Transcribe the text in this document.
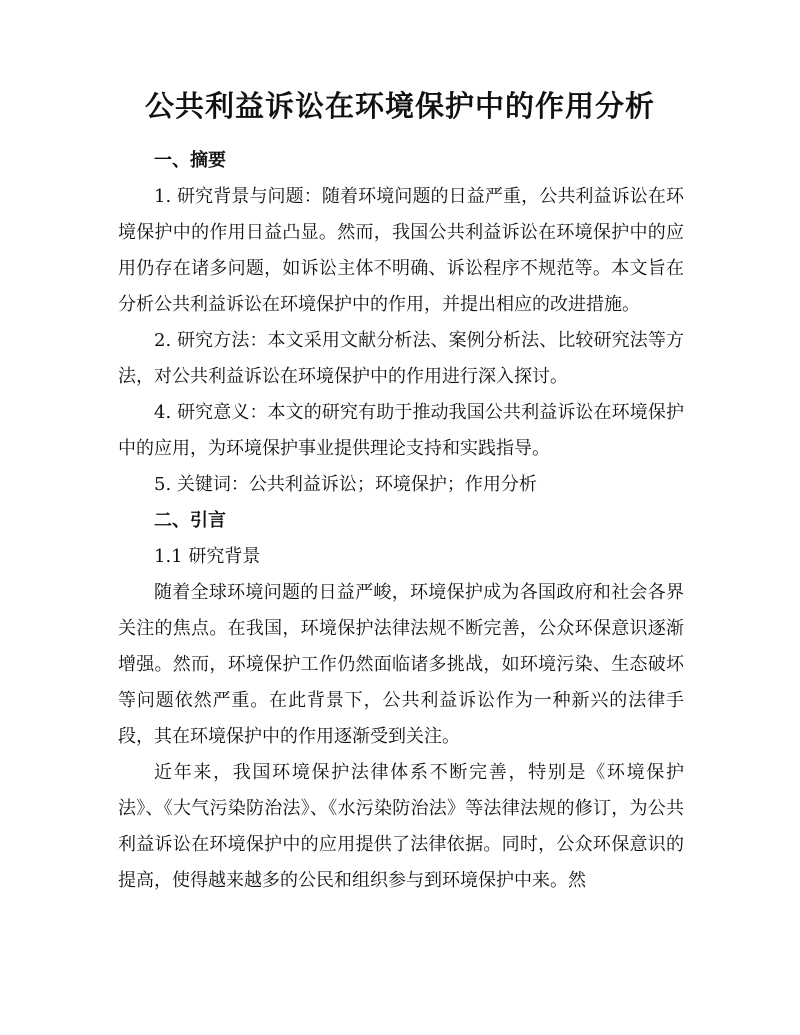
公共利益诉讼在环境保护中的作用分析

一、摘要

1. 研究背景与问题：随着环境问题的日益严重，公共利益诉讼在环境保护中的作用日益凸显。然而，我国公共利益诉讼在环境保护中的应用仍存在诸多问题，如诉讼主体不明确、诉讼程序不规范等。本文旨在分析公共利益诉讼在环境保护中的作用，并提出相应的改进措施。

2. 研究方法：本文采用文献分析法、案例分析法、比较研究法等方法，对公共利益诉讼在环境保护中的作用进行深入探讨。

4. 研究意义：本文的研究有助于推动我国公共利益诉讼在环境保护中的应用，为环境保护事业提供理论支持和实践指导。

5. 关键词：公共利益诉讼；环境保护；作用分析

二、引言

1.1 研究背景

随着全球环境问题的日益严峻，环境保护成为各国政府和社会各界关注的焦点。在我国，环境保护法律法规不断完善，公众环保意识逐渐增强。然而，环境保护工作仍然面临诸多挑战，如环境污染、生态破坏等问题依然严重。在此背景下，公共利益诉讼作为一种新兴的法律手段，其在环境保护中的作用逐渐受到关注。

近年来，我国环境保护法律体系不断完善，特别是《环境保护法》、《大气污染防治法》、《水污染防治法》等法律法规的修订，为公共利益诉讼在环境保护中的应用提供了法律依据。同时，公众环保意识的提高，使得越来越多的公民和组织参与到环境保护中来。然
